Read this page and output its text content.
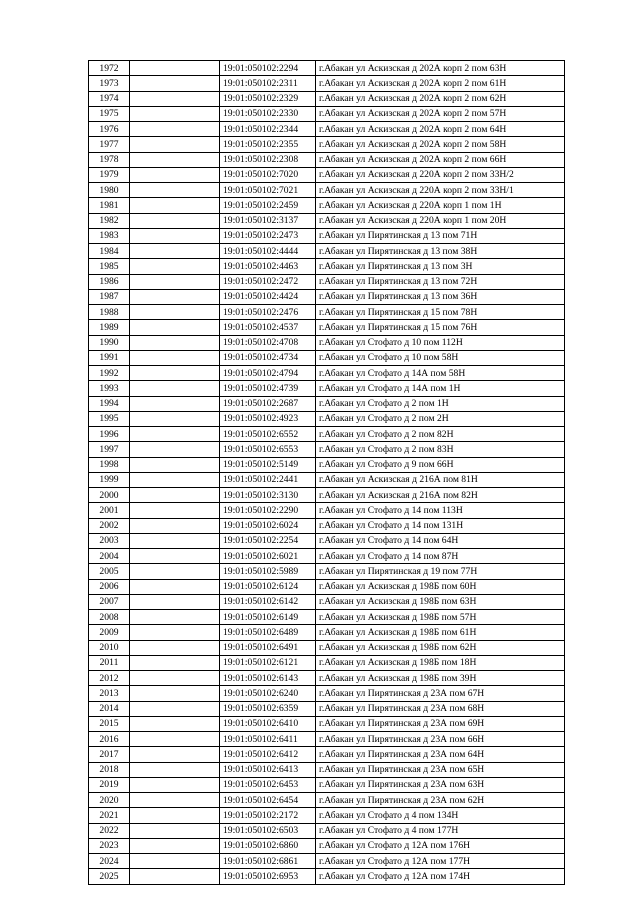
1972		19:01:050102:2294	г.Абакан ул Аскизская д 202А корп 2 пом 63Н
1973		19:01:050102:2311	г.Абакан ул Аскизская д 202А корп 2 пом 61Н
1974		19:01:050102:2329	г.Абакан ул Аскизская д 202А корп 2 пом 62Н
1975		19:01:050102:2330	г.Абакан ул Аскизская д 202А корп 2 пом 57Н
1976		19:01:050102:2344	г.Абакан ул Аскизская д 202А корп 2 пом 64Н
1977		19:01:050102:2355	г.Абакан ул Аскизская д 202А корп 2 пом 58Н
1978		19:01:050102:2308	г.Абакан ул Аскизская д 202А корп 2 пом 66Н
1979		19:01:050102:7020	г.Абакан ул Аскизская д 220А корп 2 пом 33Н/2
1980		19:01:050102:7021	г.Абакан ул Аскизская д 220А корп 2 пом 33Н/1
1981		19:01:050102:2459	г.Абакан ул Аскизская д 220А корп 1 пом 1Н
1982		19:01:050102:3137	г.Абакан ул Аскизская д 220А корп 1 пом 20Н
1983		19:01:050102:2473	г.Абакан ул Пирятинская д 13 пом 71Н
1984		19:01:050102:4444	г.Абакан ул Пирятинская д 13 пом 38Н
1985		19:01:050102:4463	г.Абакан ул Пирятинская д 13 пом 3Н
1986		19:01:050102:2472	г.Абакан ул Пирятинская д 13 пом 72Н
1987		19:01:050102:4424	г.Абакан ул Пирятинская д 13 пом 36Н
1988		19:01:050102:2476	г.Абакан ул Пирятинская д 15 пом 78Н
1989		19:01:050102:4537	г.Абакан ул Пирятинская д 15 пом 76Н
1990		19:01:050102:4708	г.Абакан ул Стофато д 10 пом 112Н
1991		19:01:050102:4734	г.Абакан ул Стофато д 10 пом 58Н
1992		19:01:050102:4794	г.Абакан ул Стофато д 14А пом 58Н
1993		19:01:050102:4739	г.Абакан ул Стофато д 14А пом 1Н
1994		19:01:050102:2687	г.Абакан ул Стофато д 2 пом 1Н
1995		19:01:050102:4923	г.Абакан ул Стофато д 2 пом 2Н
1996		19:01:050102:6552	г.Абакан ул Стофато д 2 пом 82Н
1997		19:01:050102:6553	г.Абакан ул Стофато д 2 пом 83Н
1998		19:01:050102:5149	г.Абакан ул Стофато д 9 пом 66Н
1999		19:01:050102:2441	г.Абакан ул Аскизская д 216А пом 81Н
2000		19:01:050102:3130	г.Абакан ул Аскизская д 216А пом 82Н
2001		19:01:050102:2290	г.Абакан ул Стофато д 14 пом 113Н
2002		19:01:050102:6024	г.Абакан ул Стофато д 14 пом 131Н
2003		19:01:050102:2254	г.Абакан ул Стофато д 14 пом 64Н
2004		19:01:050102:6021	г.Абакан ул Стофато д 14 пом 87Н
2005		19:01:050102:5989	г.Абакан ул Пирятинская д 19 пом 77Н
2006		19:01:050102:6124	г.Абакан ул Аскизская д 198Б пом 60Н
2007		19:01:050102:6142	г.Абакан ул Аскизская д 198Б пом 63Н
2008		19:01:050102:6149	г.Абакан ул Аскизская д 198Б пом 57Н
2009		19:01:050102:6489	г.Абакан ул Аскизская д 198Б пом 61Н
2010		19:01:050102:6491	г.Абакан ул Аскизская д 198Б пом 62Н
2011		19:01:050102:6121	г.Абакан ул Аскизская д 198Б пом 18Н
2012		19:01:050102:6143	г.Абакан ул Аскизская д 198Б пом 39Н
2013		19:01:050102:6240	г.Абакан ул Пирятинская д 23А пом 67Н
2014		19:01:050102:6359	г.Абакан ул Пирятинская д 23А пом 68Н
2015		19:01:050102:6410	г.Абакан ул Пирятинская д 23А пом 69Н
2016		19:01:050102:6411	г.Абакан ул Пирятинская д 23А пом 66Н
2017		19:01:050102:6412	г.Абакан ул Пирятинская д 23А пом 64Н
2018		19:01:050102:6413	г.Абакан ул Пирятинская д 23А пом 65Н
2019		19:01:050102:6453	г.Абакан ул Пирятинская д 23А пом 63Н
2020		19:01:050102:6454	г.Абакан ул Пирятинская д 23А пом 62Н
2021		19:01:050102:2172	г.Абакан ул Стофато д 4 пом 134Н
2022		19:01:050102:6503	г.Абакан ул Стофато д 4 пом 177Н
2023		19:01:050102:6860	г.Абакан ул Стофато д 12А пом 176Н
2024		19:01:050102:6861	г.Абакан ул Стофато д 12А пом 177Н
2025		19:01:050102:6953	г.Абакан ул Стофато д 12А пом 174Н
